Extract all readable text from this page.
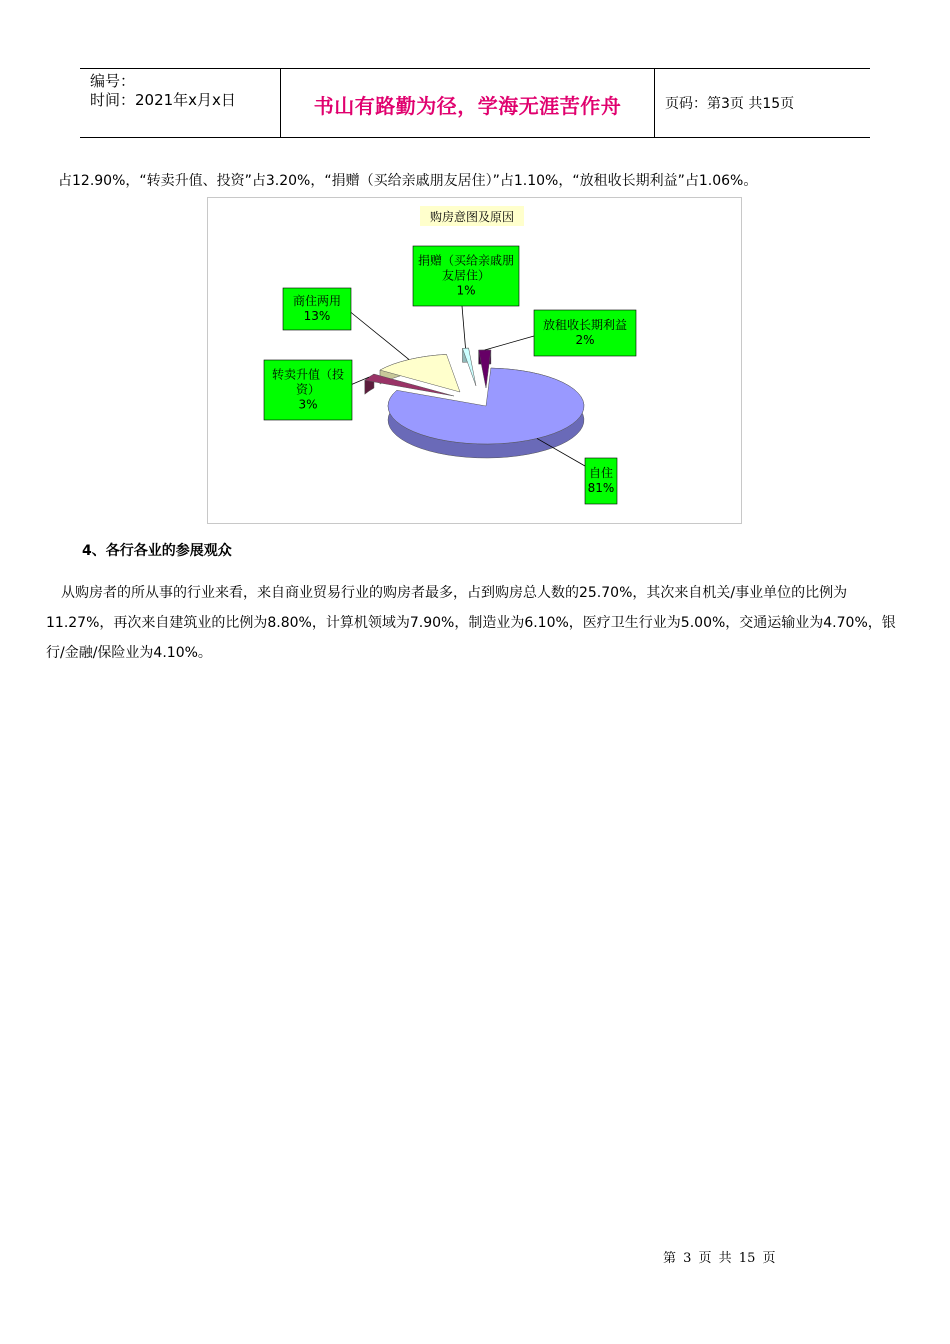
编号：
时间：2021年x月x日	书山有路勤为径，学海无涯苦作舟	页码：第3页 共15页
占12.90%，“转卖升值、投资”占3.20%，“捐赠（买给亲戚朋友居住）”占1.10%，“放租收长期利益”占1.06%。
自住
81%
转卖升值（投
资）
3%
商住两用
13%
捐赠（买给亲戚朋
友居住）
1%
放租收长期利益
2%
购房意图及原因
4、各行各业的参展观众
从购房者的所从事的行业来看，来自商业贸易行业的购房者最多，占到购房总人数的25.70%，其次来自机关/事业单位的比例为11.27%，再次来自建筑业的比例为8.80%，计算机领域为7.90%，制造业为6.10%，医疗卫生行业为5.00%，交通运输业为4.70%，银行/金融/保险业为4.10%。
第 3 页 共 15 页
